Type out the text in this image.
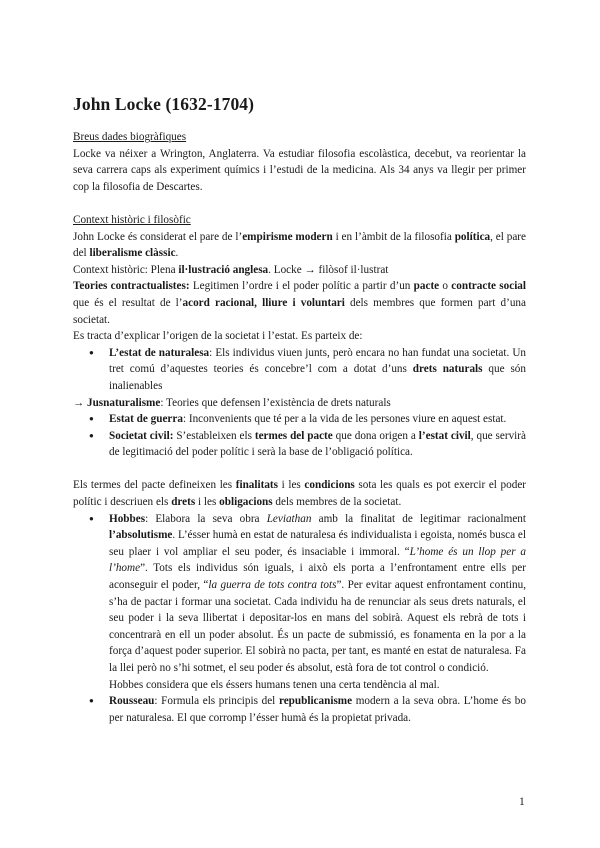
John Locke (1632-1704)

Breus dades biogràfiques

Locke va néixer a Wrington, Anglaterra. Va estudiar filosofia escolàstica, decebut, va reorientar la seva carrera caps als experiment químics i l’estudi de la medicina. Als 34 anys va llegir per primer cop la filosofia de Descartes.

Context històric i filosòfic

John Locke és considerat el pare de l’empirisme modern i en l’àmbit de la filosofia política, el pare del liberalisme clàssic.

Context històric: Plena il·lustració anglesa. Locke → filòsof il·lustrat

Teories contractualistes: Legitimen l’ordre i el poder polític a partir d’un pacte o contracte social que és el resultat de l’acord racional, lliure i voluntari dels membres que formen part d’una societat.

Es tracta d’explicar l’origen de la societat i l’estat. Es parteix de:

● L’estat de naturalesa: Els individus viuen junts, però encara no han fundat una societat. Un tret comú d’aquestes teories és concebre’l com a dotat d’uns drets naturals que són inalienables

→ Jusnaturalisme: Teories que defensen l’existència de drets naturals

● Estat de guerra: Inconvenients que té per a la vida de les persones viure en aquest estat.
● Societat civil: S’estableixen els termes del pacte que dona origen a l’estat civil, que servirà de legitimació del poder polític i serà la base de l’obligació política.

Els termes del pacte defineixen les finalitats i les condicions sota les quals es pot exercir el poder polític i descriuen els drets i les obligacions dels membres de la societat.

● Hobbes: Elabora la seva obra Leviathan amb la finalitat de legitimar racionalment l’absolutisme. L’ésser humà en estat de naturalesa és individualista i egoista, només busca el seu plaer i vol ampliar el seu poder, és insaciable i immoral. “L’home és un llop per a l’home”. Tots els individus són iguals, i això els porta a l’enfrontament entre ells per aconseguir el poder, “la guerra de tots contra tots”. Per evitar aquest enfrontament continu, s’ha de pactar i formar una societat. Cada individu ha de renunciar als seus drets naturals, el seu poder i la seva llibertat i depositar-los en mans del sobirà. Aquest els rebrà de tots i concentrarà en ell un poder absolut. És un pacte de submissió, es fonamenta en la por a la força d’aquest poder superior. El sobirà no pacta, per tant, es manté en estat de naturalesa. Fa la llei però no s’hi sotmet, el seu poder és absolut, està fora de tot control o condició.

Hobbes considera que els éssers humans tenen una certa tendència al mal.

● Rousseau: Formula els principis del republicanisme modern a la seva obra. L’home és bo per naturalesa. El que corromp l’ésser humà és la propietat privada.
1
